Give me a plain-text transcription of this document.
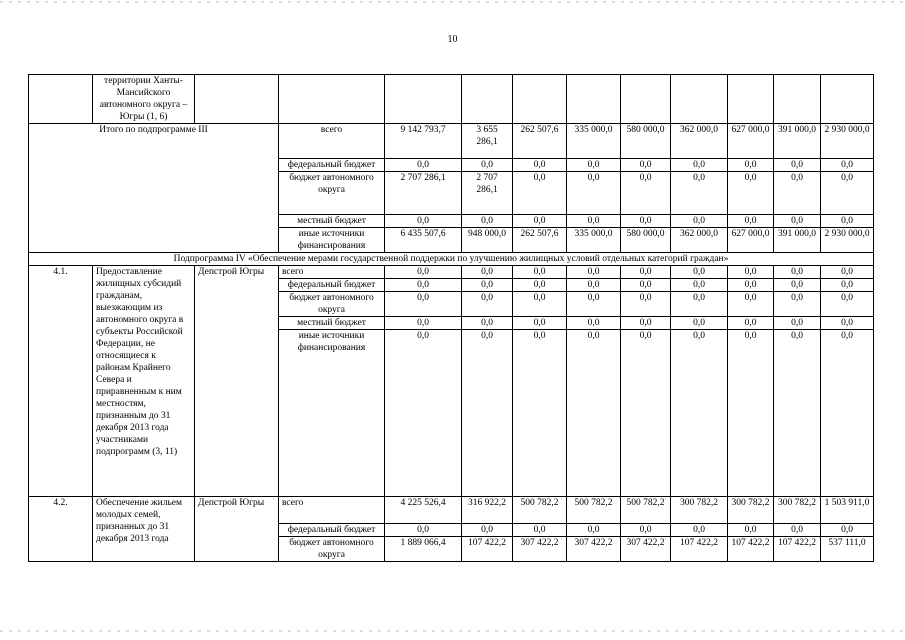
10
	территории Ханты-Мансийского автономного округа – Югры (1, 6)											
Итого по подпрограмме III			всего	9 142 793,7	3 655 286,1	262 507,6	335 000,0	580 000,0	362 000,0	627 000,0	391 000,0	2 930 000,0
			федеральный бюджет	0,0	0,0	0,0	0,0	0,0	0,0	0,0	0,0	0,0
			бюджет автономного округа	2 707 286,1	2 707 286,1	0,0	0,0	0,0	0,0	0,0	0,0	0,0
			местный бюджет	0,0	0,0	0,0	0,0	0,0	0,0	0,0	0,0	0,0
			иные источники финансирования	6 435 507,6	948 000,0	262 507,6	335 000,0	580 000,0	362 000,0	627 000,0	391 000,0	2 930 000,0
Подпрограмма IV «Обеспечение мерами государственной поддержки по улучшению жилищных условий отдельных категорий граждан»												
4.1.	Предоставление жилищных субсидий гражданам, выезжающим из автономного округа в субъекты Российской Федерации, не относящиеся к районам Крайнего Севера и приравненным к ним местностям, признанным до 31 декабря 2013 года участниками подпрограмм (3, 11)	Депстрой Югры	всего	0,0	0,0	0,0	0,0	0,0	0,0	0,0	0,0	0,0
			федеральный бюджет	0,0	0,0	0,0	0,0	0,0	0,0	0,0	0,0	0,0
			бюджет автономного округа	0,0	0,0	0,0	0,0	0,0	0,0	0,0	0,0	0,0
			местный бюджет	0,0	0,0	0,0	0,0	0,0	0,0	0,0	0,0	0,0
			иные источники финансирования	0,0	0,0	0,0	0,0	0,0	0,0	0,0	0,0	0,0
4.2.	Обеспечение жильем молодых семей, признанных до 31 декабря 2013 года	Депстрой Югры	всего	4 225 526,4	316 922,2	500 782,2	500 782,2	500 782,2	300 782,2	300 782,2	300 782,2	1 503 911,0
			федеральный бюджет	0,0	0,0	0,0	0,0	0,0	0,0	0,0	0,0	0,0
			бюджет автономного округа	1 889 066,4	107 422,2	307 422,2	307 422,2	307 422,2	107 422,2	107 422,2	107 422,2	537 111,0
